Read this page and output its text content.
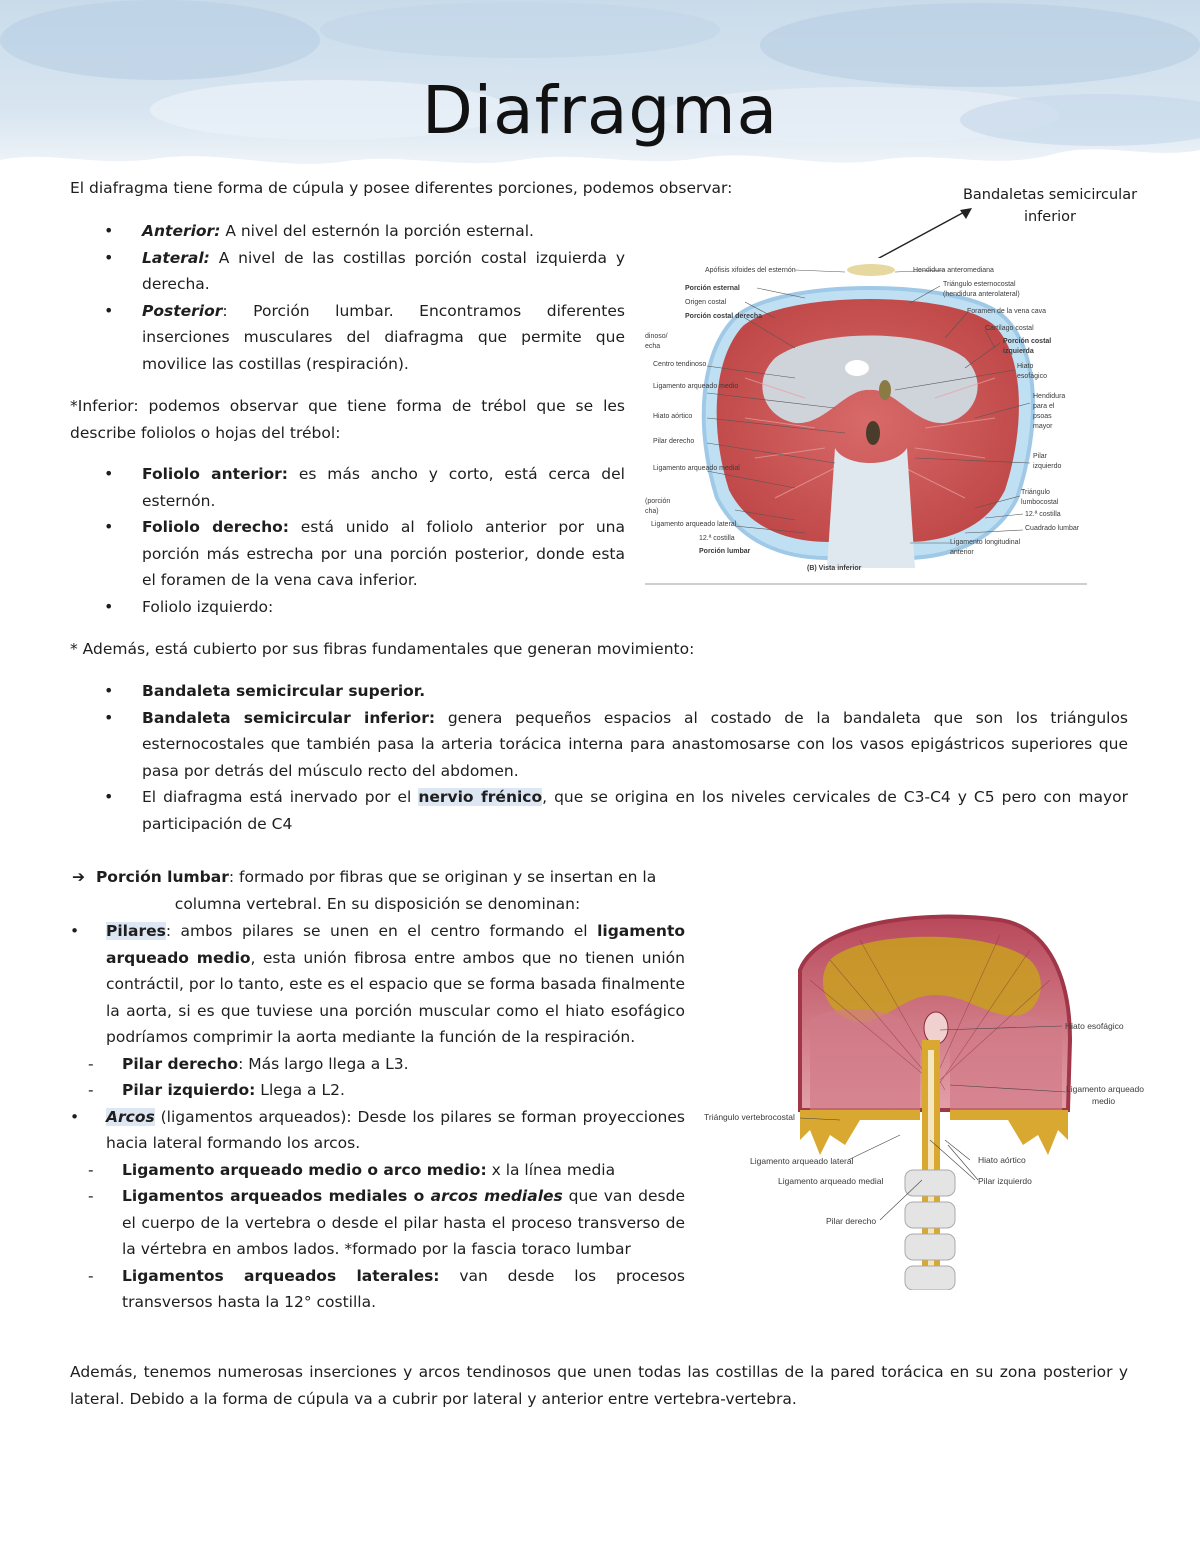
Diafragma
El diafragma tiene forma de cúpula y posee diferentes porciones, podemos observar:
• Anterior: A nivel del esternón la porción esternal.
• Lateral: A nivel de las costillas porción costal izquierda y derecha.
• Posterior: Porción lumbar. Encontramos diferentes inserciones musculares del diafragma que permite que movilice las costillas (respiración).
*Inferior: podemos observar que tiene forma de trébol que se les describe foliolos o hojas del trébol:
• Foliolo anterior: es más ancho y corto, está cerca del esternón.
• Foliolo derecho: está unido al foliolo anterior por una porción más estrecha por una porción posterior, donde esta el foramen de la vena cava inferior.
• Foliolo izquierdo:
Bandaletas semicircular inferior
Apófisis xifoides del esternón
Porción esternal
Origen costal
Porción costal derecha
dinoso/
echa
Centro tendinoso
Ligamento arqueado medio
Hiato aórtico
Pilar derecho
Ligamento arqueado medial
(porción
cha)
Ligamento arqueado lateral
12.ª costilla
Porción lumbar
Hendidura anteromediana
Triángulo esternocostal
(hendidura anterolateral)
Foramen de la vena cava
Cartílago costal
Porción costal
izquierda
Hiato
esofágico
Hendidura
para el
psoas
mayor
Pilar
izquierdo
Triángulo
lumbocostal
12.ª costilla
Cuadrado lumbar
Ligamento longitudinal
anterior
(B) Vista inferior
* Además, está cubierto por sus fibras fundamentales que generan movimiento:
• Bandaleta semicircular superior.
• Bandaleta semicircular inferior: genera pequeños espacios al costado de la bandaleta que son los triángulos esternocostales que también pasa la arteria torácica interna para anastomosarse con los vasos epigástricos superiores que pasa por detrás del músculo recto del abdomen.
• El diafragma está inervado por el nervio frénico, que se origina en los niveles cervicales de C3-C4 y C5 pero con mayor participación de C4
➔ Porción lumbar: formado por fibras que se originan y se insertan en la
columna vertebral. En su disposición se denominan:
• Pilares: ambos pilares se unen en el centro formando el ligamento arqueado medio, esta unión fibrosa entre ambos que no tienen unión contráctil, por lo tanto, este es el espacio que se forma basada finalmente la aorta, si es que tuviese una porción muscular como el hiato esofágico podríamos comprimir la aorta mediante la función de la respiración.
- Pilar derecho: Más largo llega a L3.
- Pilar izquierdo: Llega a L2.
• Arcos (ligamentos arqueados): Desde los pilares se forman proyecciones hacia lateral formando los arcos.
- Ligamento arqueado medio o arco medio: x la línea media
- Ligamentos arqueados mediales o arcos mediales que van desde el cuerpo de la vertebra o desde el pilar hasta el proceso transverso de la vértebra en ambos lados. *formado por la fascia toraco lumbar
- Ligamentos arqueados laterales: van desde los procesos transversos hasta la 12° costilla.
Hiato esofágico
Ligamento arqueado
medio
Triángulo vertebrocostal
Ligamento arqueado lateral	Hiato aórtico
Ligamento arqueado medial	Pilar izquierdo
Pilar derecho
Además, tenemos numerosas inserciones y arcos tendinosos que unen todas las costillas de la pared torácica en su zona posterior y lateral. Debido a la forma de cúpula va a cubrir por lateral y anterior entre vertebra-vertebra.
